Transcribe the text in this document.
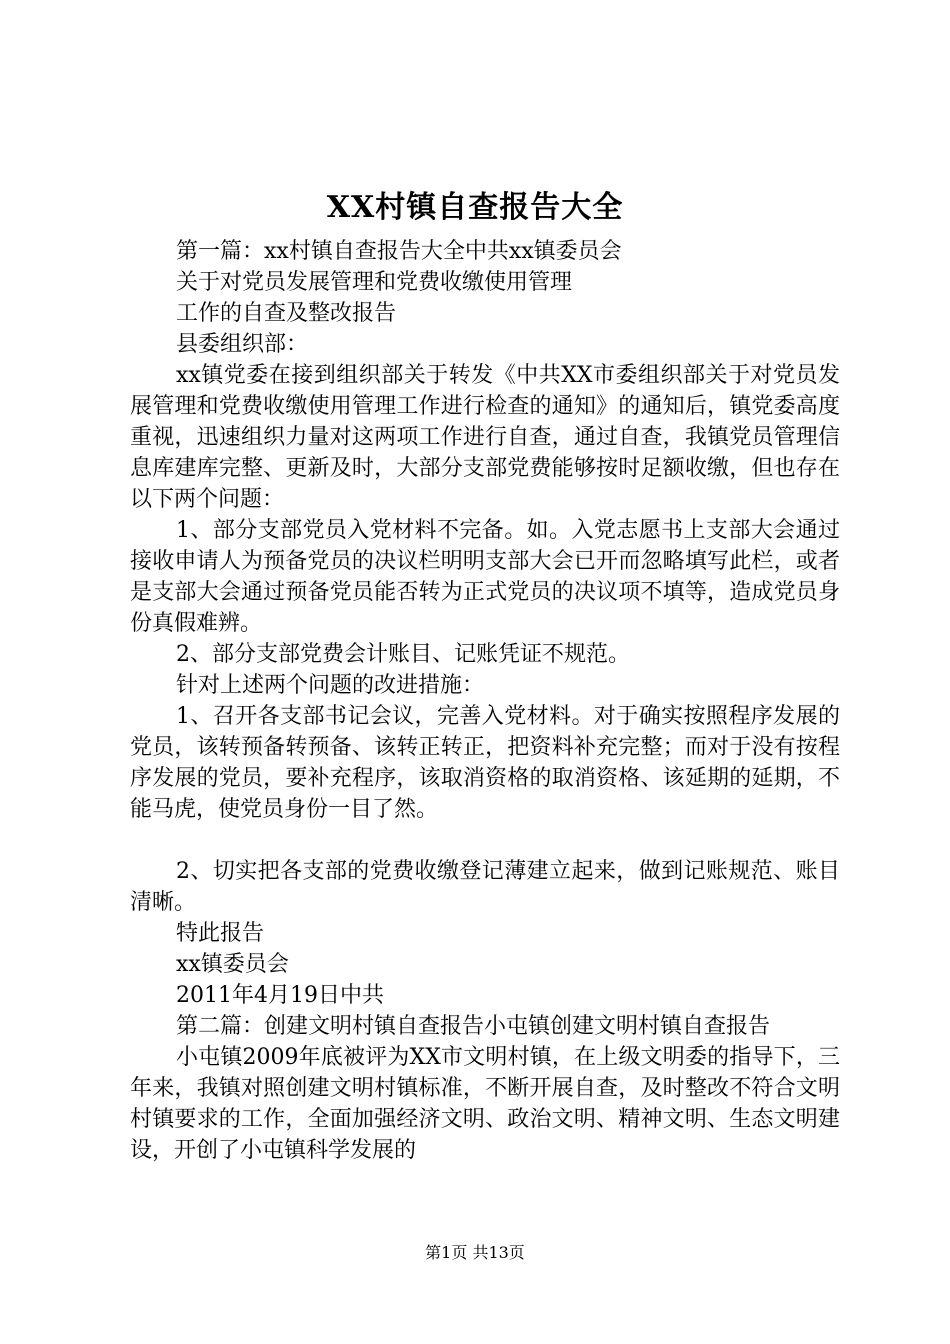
XX村镇自查报告大全

第一篇：xx村镇自查报告大全中共xx镇委员会

关于对党员发展管理和党费收缴使用管理

工作的自查及整改报告

县委组织部：

xx镇党委在接到组织部关于转发《中共XX市委组织部关于对党员发展管理和党费收缴使用管理工作进行检查的通知》的通知后，镇党委高度重视，迅速组织力量对这两项工作进行自查，通过自查，我镇党员管理信息库建库完整、更新及时，大部分支部党费能够按时足额收缴，但也存在以下两个问题：

1、部分支部党员入党材料不完备。如。入党志愿书上支部大会通过接收申请人为预备党员的决议栏明明支部大会已开而忽略填写此栏，或者是支部大会通过预备党员能否转为正式党员的决议项不填等，造成党员身份真假难辨。

2、部分支部党费会计账目、记账凭证不规范。

针对上述两个问题的改进措施：

1、召开各支部书记会议，完善入党材料。对于确实按照程序发展的党员，该转预备转预备、该转正转正，把资料补充完整；而对于没有按程序发展的党员，要补充程序，该取消资格的取消资格、该延期的延期，不能马虎，使党员身份一目了然。

2、切实把各支部的党费收缴登记薄建立起来，做到记账规范、账目清晰。

特此报告

xx镇委员会

2011年4月19日中共

第二篇：创建文明村镇自查报告小屯镇创建文明村镇自查报告

小屯镇2009年底被评为XX市文明村镇，在上级文明委的指导下，三年来，我镇对照创建文明村镇标准，不断开展自查，及时整改不符合文明村镇要求的工作，全面加强经济文明、政治文明、精神文明、生态文明建设，开创了小屯镇科学发展的

第1页 共13页
